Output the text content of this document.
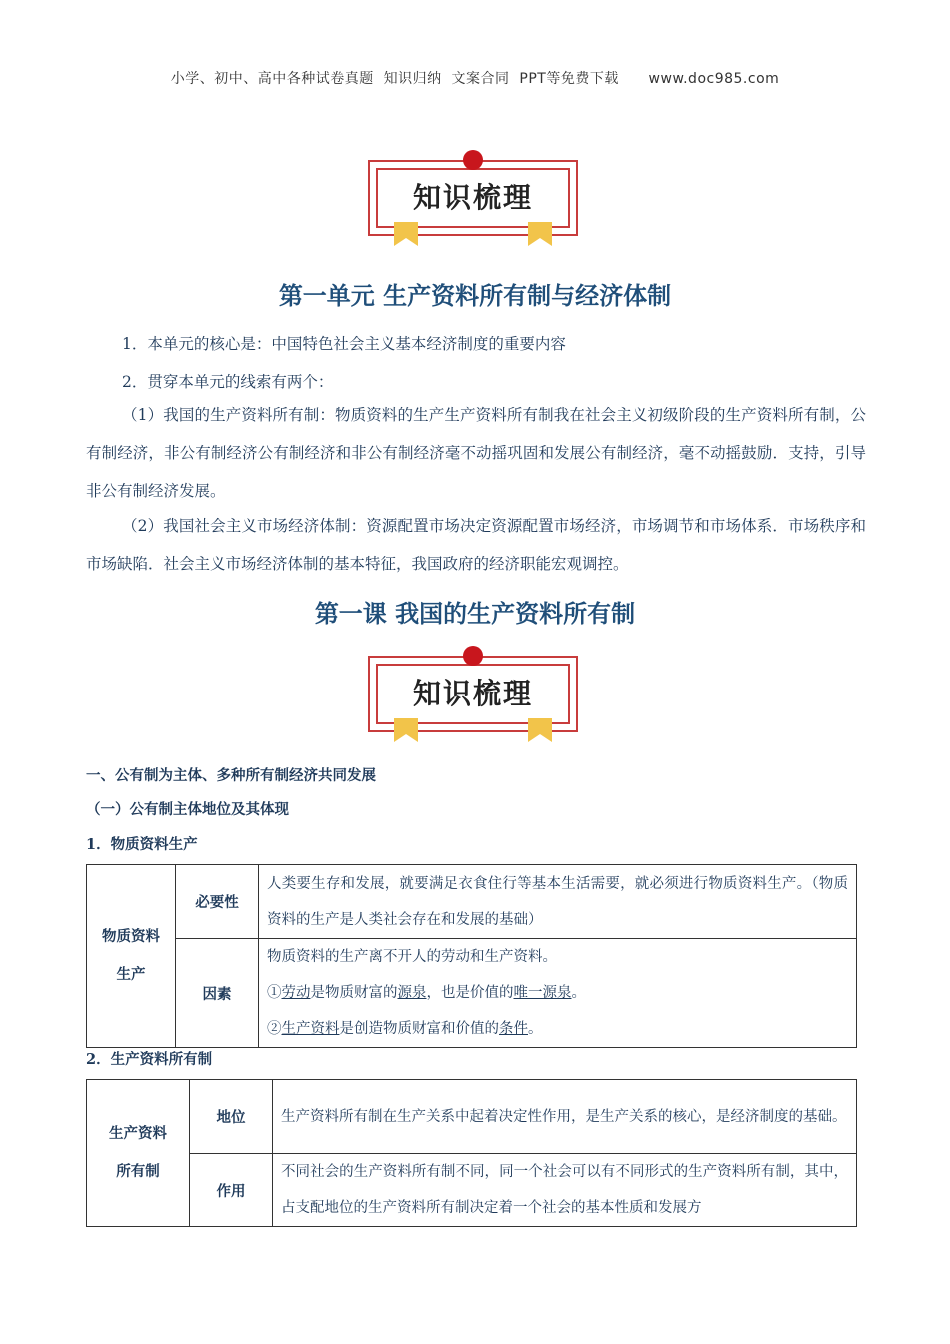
小学、初中、高中各种试卷真题  知识归纳  文案合同  PPT等免费下载      www.doc985.com
知识梳理
第一单元 生产资料所有制与经济体制
1．本单元的核心是：中国特色社会主义基本经济制度的重要内容
2．贯穿本单元的线索有两个：
（1）我国的生产资料所有制：物质资料的生产生产资料所有制我在社会主义初级阶段的生产资料所有制，公有制经济，非公有制经济公有制经济和非公有制经济毫不动摇巩固和发展公有制经济，毫不动摇鼓励．支持，引导非公有制经济发展。
（2）我国社会主义市场经济体制：资源配置市场决定资源配置市场经济，市场调节和市场体系．市场秩序和市场缺陷．社会主义市场经济体制的基本特征，我国政府的经济职能宏观调控。
第一课 我国的生产资料所有制
知识梳理
一、公有制为主体、多种所有制经济共同发展
（一）公有制主体地位及其体现
1．物质资料生产
物质资料
生产	必要性	人类要生存和发展，就要满足衣食住行等基本生活需要，就必须进行物质资料生产。（物质资料的生产是人类社会存在和发展的基础）
	因素	物质资料的生产离不开人的劳动和生产资料。
①劳动是物质财富的源泉，也是价值的唯一源泉。
②生产资料是创造物质财富和价值的条件。
2．生产资料所有制
生产资料
所有制	地位	生产资料所有制在生产关系中起着决定性作用，是生产关系的核心，是经济制度的基础。
	作用	不同社会的生产资料所有制不同，同一个社会可以有不同形式的生产资料所有制，其中，占支配地位的生产资料所有制决定着一个社会的基本性质和发展方
